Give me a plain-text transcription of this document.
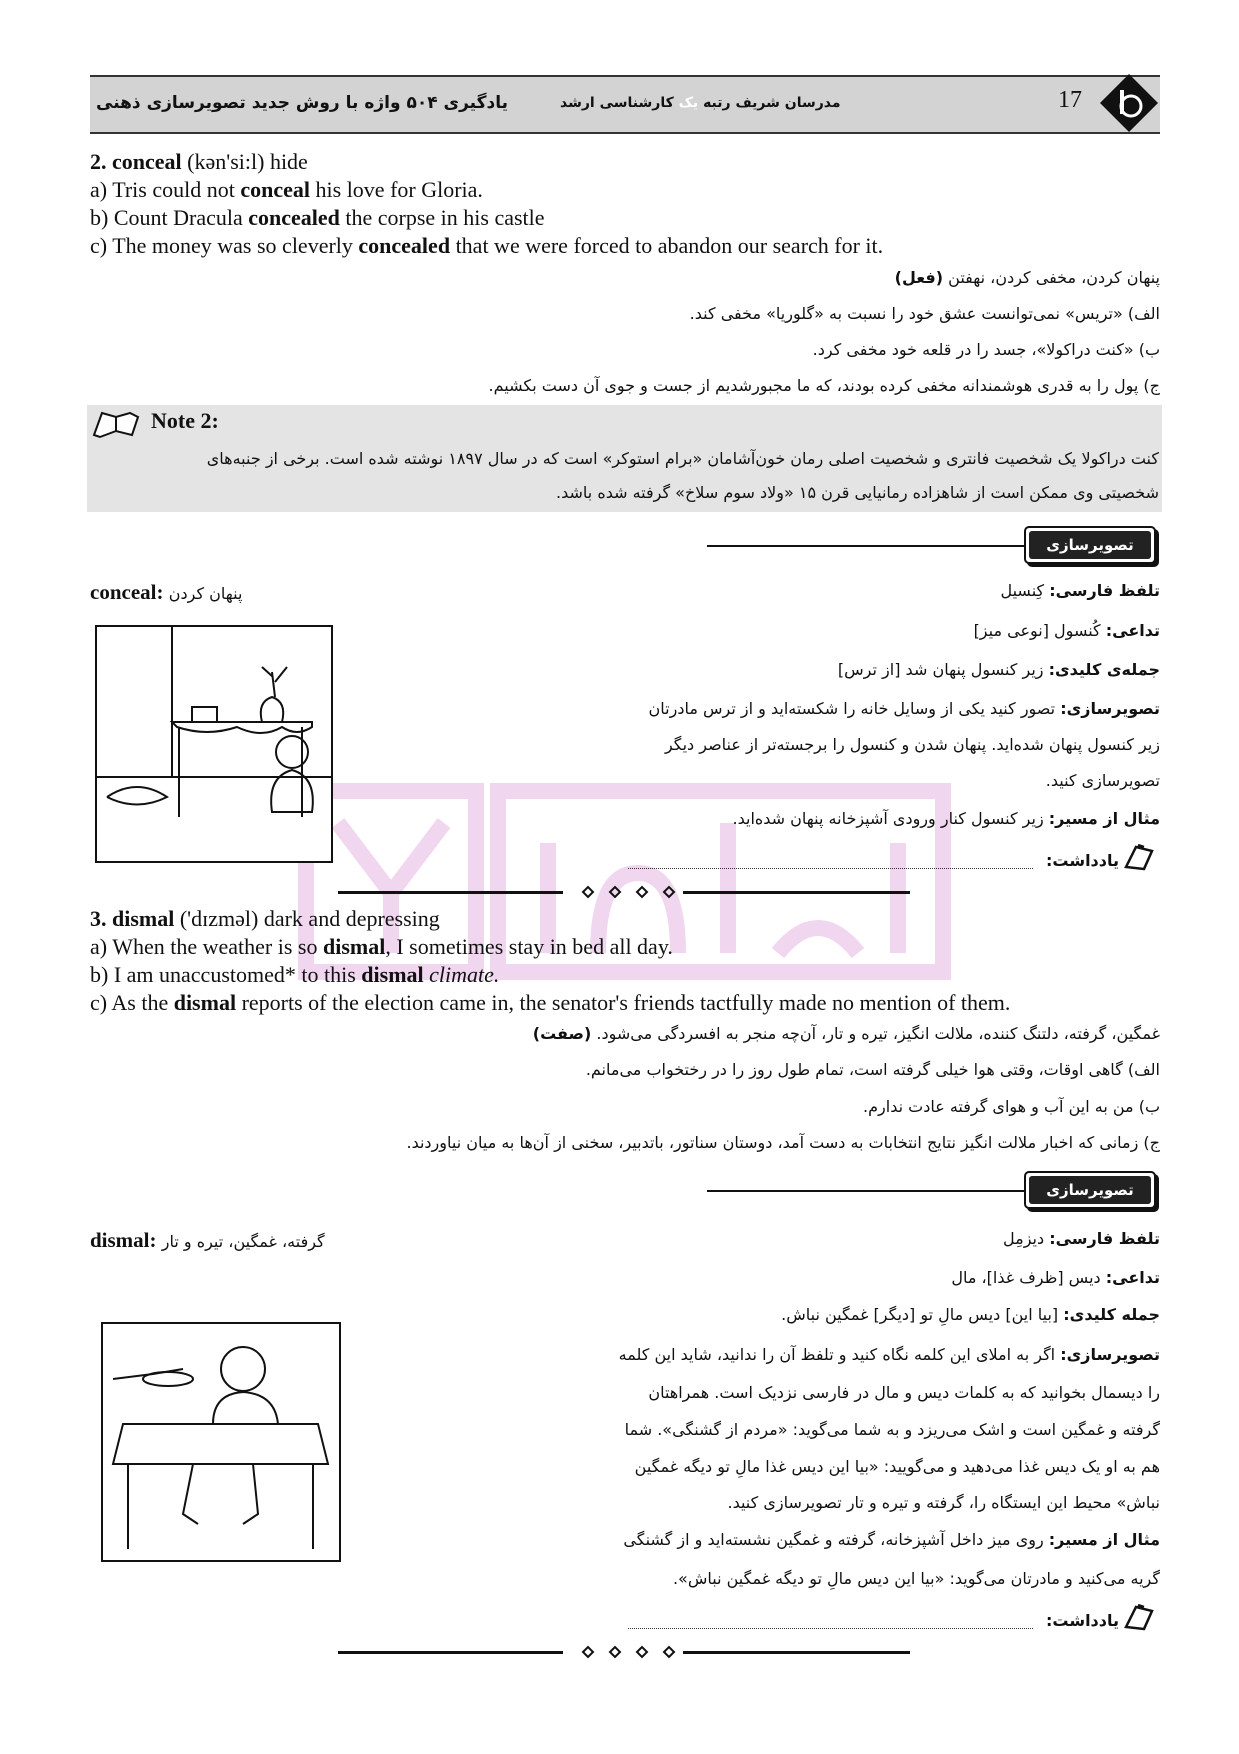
یادگیری ۵۰۴ واژه با روش جدید تصویرسازی ذهنی	مدرسان شریف رتبه یک کارشناسی ارشد	17
2. conceal (kən'si:l) hide
a) Tris could not conceal his love for Gloria.
b) Count Dracula concealed the corpse in his castle
c) The money was so cleverly concealed that we were forced to abandon our search for it.
پنهان کردن، مخفی کردن، نهفتن (فعل)
الف) «تریس» نمی‌توانست عشق خود را نسبت به «گلوریا» مخفی کند.
ب) «کنت دراکولا»، جسد را در قلعه خود مخفی کرد.
ج) پول را به قدری هوشمندانه مخفی کرده بودند، که ما مجبورشدیم از جست و جوی آن دست بکشیم.
Note 2:
کنت دراکولا یک شخصیت فانتری و شخصیت اصلی رمان خون‌آشامان «برام استوکر» است که در سال ۱۸۹۷ نوشته شده است. برخی از جنبه‌های
شخصیتی وی ممکن است از شاهزاده رمانیایی قرن ۱۵ «ولاد سوم سلاخ» گرفته شده باشد.
تصویرسازی ذهنی
conceal: پنهان کردن	تلفظ فارسی: کِنسیل
تداعی: کُنسول [نوعی میز]
جمله‌ی کلیدی: زیر کنسول پنهان شد [از ترس]
تصویرسازی: تصور کنید یکی از وسایل خانه را شکسته‌اید و از ترس مادرتان
زیر کنسول پنهان شده‌اید. پنهان شدن و کنسول را برجسته‌تر از عناصر دیگر
تصویرسازی کنید.
مثال از مسیر: زیر کنسول کنار ورودی آشپزخانه پنهان شده‌اید.
یادداشت:
3. dismal ('dɪzməl) dark and depressing
a) When the weather is so dismal, I sometimes stay in bed all day.
b) I am unaccustomed* to this dismal climate.
c) As the dismal reports of the election came in, the senator's friends tactfully made no mention of them.
غمگین، گرفته، دلتنگ کننده، ملالت انگیز، تیره و تار، آن‌چه منجر به افسردگی می‌شود. (صفت)
الف) گاهی اوقات، وقتی هوا خیلی گرفته است، تمام طول روز را در رختخواب می‌مانم.
ب) من به این آب و هوای گرفته عادت ندارم.
ج) زمانی که اخبار ملالت انگیز نتایج انتخابات به دست آمد، دوستان سناتور، باتدبیر، سخنی از آن‌ها به میان نیاوردند.
تصویرسازی ذهنی
dismal: گرفته، غمگین، تیره و تار	تلفظ فارسی: دیزمِل
تداعی: دیس [ظرف غذا]، مال
جمله کلیدی: [بیا این] دیس مالِ تو [دیگر] غمگین نباش.
تصویرسازی: اگر به املای این کلمه نگاه کنید و تلفظ آن را ندانید، شاید این کلمه
را دیسمال بخوانید که به کلمات دیس و مال در فارسی نزدیک است. همراهتان
گرفته و غمگین است و اشک می‌ریزد و به شما می‌گوید: «مردم از گشنگی». شما
هم به او یک دیس غذا می‌دهید و می‌گویید: «بیا این دیس غذا مالِ تو دیگه غمگین
نباش» محیط این ایستگاه را، گرفته و تیره و تار تصویرسازی کنید.
مثال از مسیر: روی میز داخل آشپزخانه، گرفته و غمگین نشسته‌اید و از گشنگی
گریه می‌کنید و مادرتان می‌گوید: «بیا این دیس مالِ تو دیگه غمگین نباش».
یادداشت:
